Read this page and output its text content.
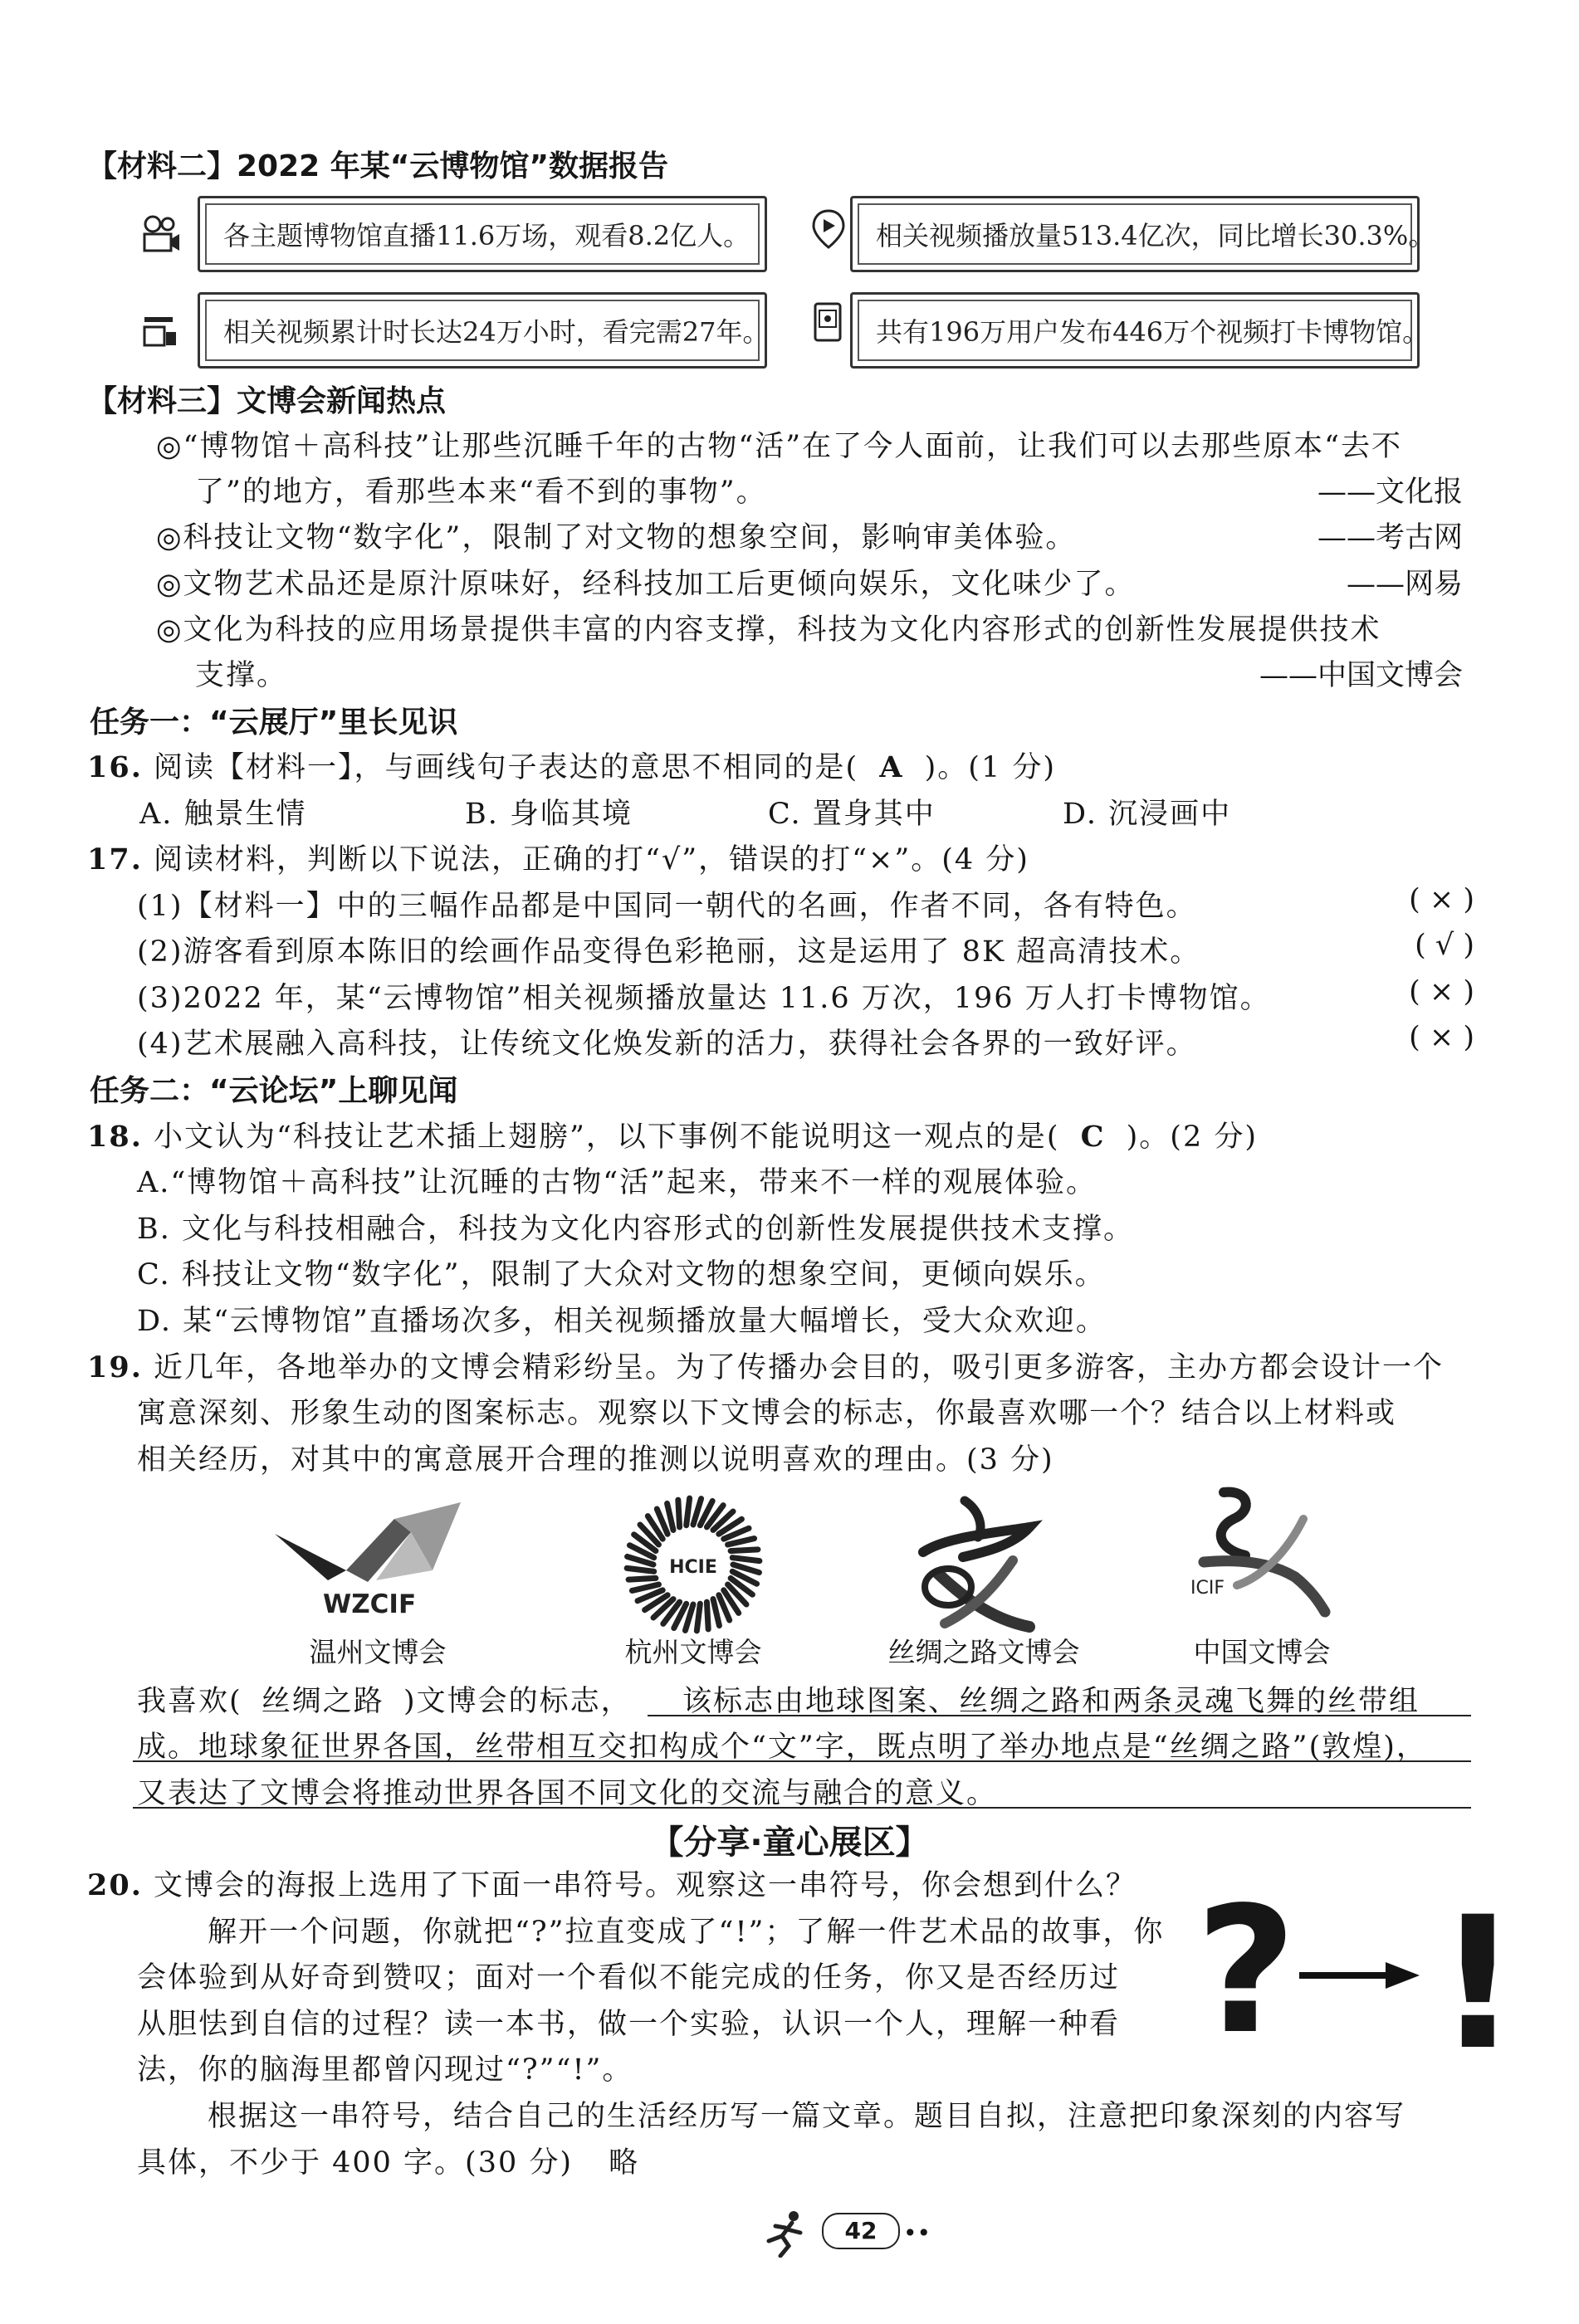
【材料二】2022 年某“云博物馆”数据报告
各主题博物馆直播11.6万场，观看8.2亿人。	相关视频播放量513.4亿次，同比增长30.3%。
相关视频累计时长达24万小时，看完需27年。	共有196万用户发布446万个视频打卡博物馆。
【材料三】文博会新闻热点
◎“博物馆＋高科技”让那些沉睡千年的古物“活”在了今人面前，让我们可以去那些原本“去不
了”的地方，看那些本来“看不到的事物”。	——文化报
◎科技让文物“数字化”，限制了对文物的想象空间，影响审美体验。	——考古网
◎文物艺术品还是原汁原味好，经科技加工后更倾向娱乐，文化味少了。	——网易
◎文化为科技的应用场景提供丰富的内容支撑，科技为文化内容形式的创新性发展提供技术
支撑。	——中国文博会
任务一：“云展厅”里长见识
16. 阅读【材料一】，与画线句子表达的意思不相同的是( A )。(1 分)
A. 触景生情	B. 身临其境	C. 置身其中	D. 沉浸画中
17. 阅读材料，判断以下说法，正确的打“√”，错误的打“×”。(4 分)
(1)【材料一】中的三幅作品都是中国同一朝代的名画，作者不同，各有特色。	( × )
(2)游客看到原本陈旧的绘画作品变得色彩艳丽，这是运用了 8K 超高清技术。	( √ )
(3)2022 年，某“云博物馆”相关视频播放量达 11.6 万次，196 万人打卡博物馆。	( × )
(4)艺术展融入高科技，让传统文化焕发新的活力，获得社会各界的一致好评。	( × )
任务二：“云论坛”上聊见闻
18. 小文认为“科技让艺术插上翅膀”，以下事例不能说明这一观点的是( C )。(2 分)
A.“博物馆＋高科技”让沉睡的古物“活”起来，带来不一样的观展体验。
B. 文化与科技相融合，科技为文化内容形式的创新性发展提供技术支撑。
C. 科技让文物“数字化”，限制了大众对文物的想象空间，更倾向娱乐。
D. 某“云博物馆”直播场次多，相关视频播放量大幅增长，受大众欢迎。
19. 近几年，各地举办的文博会精彩纷呈。为了传播办会目的，吸引更多游客，主办方都会设计一个
寓意深刻、形象生动的图案标志。观察以下文博会的标志，你最喜欢哪一个？结合以上材料或
相关经历，对其中的寓意展开合理的推测以说明喜欢的理由。(3 分)
WZCIF
温州文博会
HCIE
杭州文博会	丝绸之路文博会
ICIF
中国文博会
我喜欢( 丝绸之路 )文博会的标志， 该标志由地球图案、丝绸之路和两条灵魂飞舞的丝带组
成。地球象征世界各国，丝带相互交扣构成个“文”字，既点明了举办地点是“丝绸之路”(敦煌)，
又表达了文博会将推动世界各国不同文化的交流与融合的意义。
【分享·童心展区】
20. 文博会的海报上选用了下面一串符号。观察这一串符号，你会想到什么？
解开一个问题，你就把“?”拉直变成了“!”；了解一件艺术品的故事，你
会体验到从好奇到赞叹；面对一个看似不能完成的任务，你又是否经历过
从胆怯到自信的过程？读一本书，做一个实验，认识一个人，理解一种看
法，你的脑海里都曾闪现过“?”“!”。	? !
根据这一串符号，结合自己的生活经历写一篇文章。题目自拟，注意把印象深刻的内容写
具体，不少于 400 字。(30 分) 略
42	••
